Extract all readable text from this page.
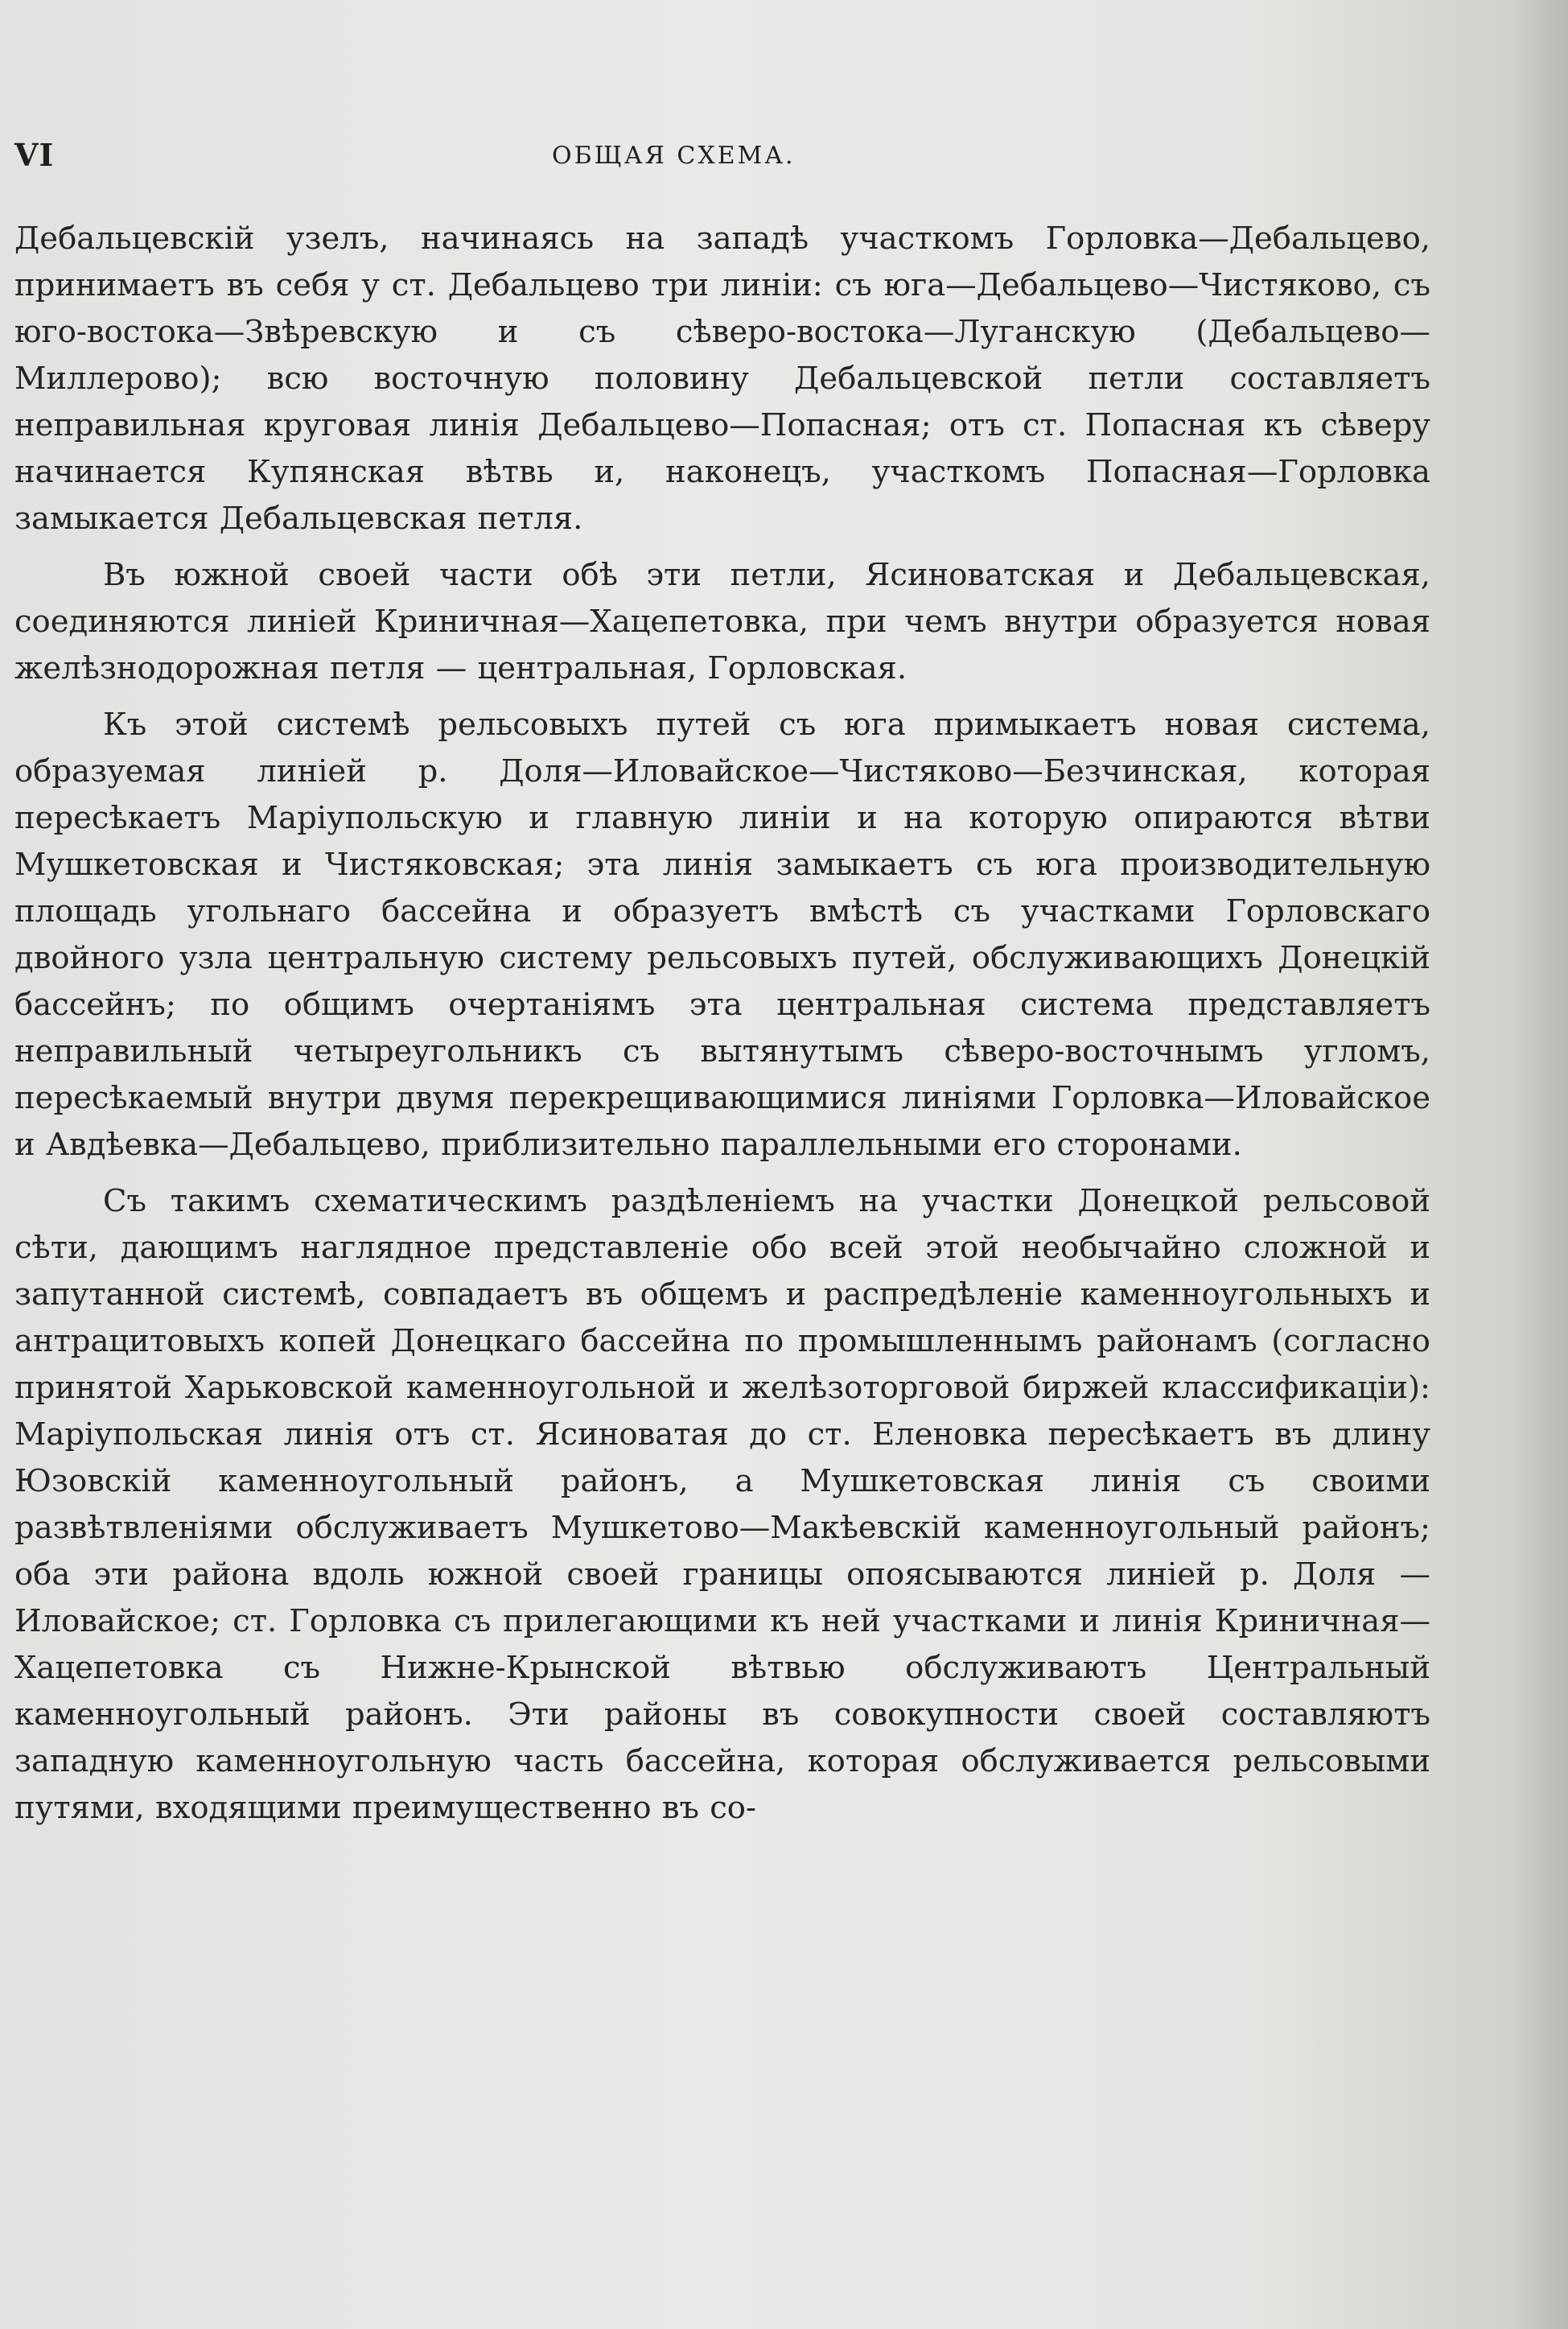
VI	ОБЩАЯ СХЕМА.

Дебальцевскій узелъ, начинаясь на западѣ участкомъ Горловка—Дебальцево, принимаетъ въ себя у ст. Дебальцево три линіи: съ юга—Дебальцево—Чистяково, съ юго-востока—Звѣревскую и съ сѣверо-востока—Луганскую (Дебальцево—Миллерово); всю восточную половину Дебальцевской петли составляетъ неправильная круговая линія Дебальцево—Попасная; отъ ст. Попасная къ сѣверу начинается Купянская вѣтвь и, наконецъ, участкомъ Попасная—Горловка замыкается Дебальцевская петля.

Въ южной своей части обѣ эти петли, Ясиноватская и Дебальцевская, соединяются линіей Криничная—Хацепетовка, при чемъ внутри образуется новая желѣзнодорожная петля — центральная, Горловская.

Къ этой системѣ рельсовыхъ путей съ юга примыкаетъ новая система, образуемая линіей р. Доля—Иловайское—Чистяково—Безчинская, которая пересѣкаетъ Маріупольскую и главную линіи и на которую опираются вѣтви Мушкетовская и Чистяковская; эта линія замыкаетъ съ юга производительную площадь угольнаго бассейна и образуетъ вмѣстѣ съ участками Горловскаго двойного узла центральную систему рельсовыхъ путей, обслуживающихъ Донецкій бассейнъ; по общимъ очертаніямъ эта центральная система представляетъ неправильный четыреугольникъ съ вытянутымъ сѣверо-восточнымъ угломъ, пересѣкаемый внутри двумя перекрещивающимися линіями Горловка—Иловайское и Авдѣевка—Дебальцево, приблизительно параллельными его сторонами.

Съ такимъ схематическимъ раздѣленіемъ на участки Донецкой рельсовой сѣти, дающимъ наглядное представленіе обо всей этой необычайно сложной и запутанной системѣ, совпадаетъ въ общемъ и распредѣленіе каменноугольныхъ и антрацитовыхъ копей Донецкаго бассейна по промышленнымъ районамъ (согласно принятой Харьковской каменноугольной и желѣзоторговой биржей классификаціи): Маріупольская линія отъ ст. Ясиноватая до ст. Еленовка пересѣкаетъ въ длину Юзовскій каменноугольный районъ, а Мушкетовская линія съ своими развѣтвленіями обслуживаетъ Мушкетово—Макѣевскій каменноугольный районъ; оба эти района вдоль южной своей границы опоясываются линіей р. Доля — Иловайское; ст. Горловка съ прилегающими къ ней участками и линія Криничная—Хацепетовка съ Нижне-Крынской вѣтвью обслуживаютъ Центральный каменноугольный районъ. Эти районы въ совокупности своей составляютъ западную каменноугольную часть бассейна, которая обслуживается рельсовыми путями, входящими преимущественно въ со-
